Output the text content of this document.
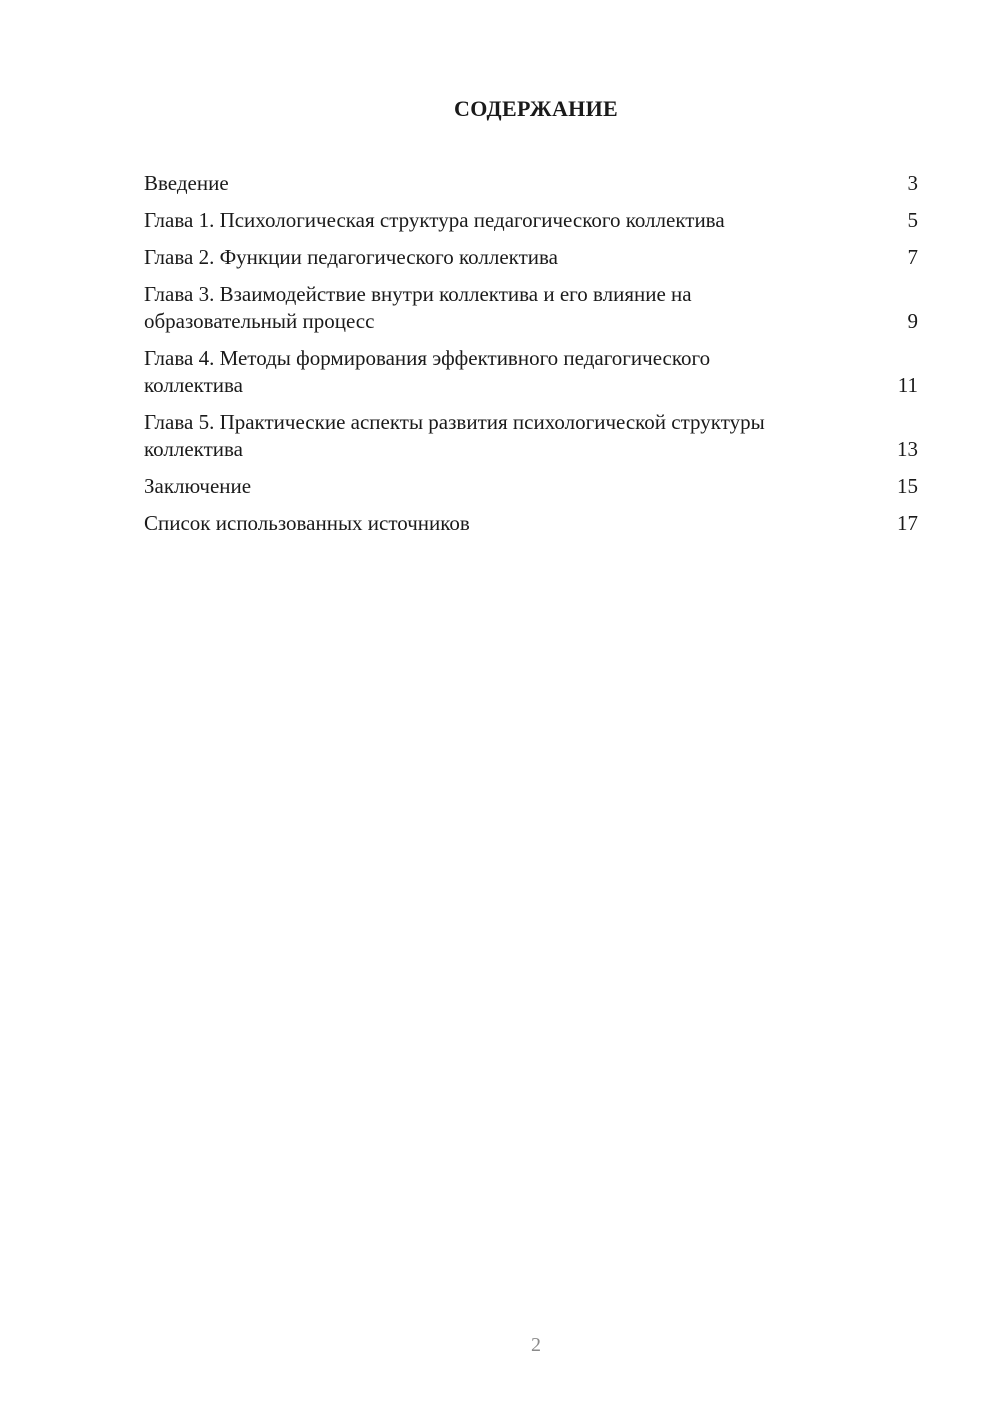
СОДЕРЖАНИЕ
Введение	3
Глава 1. Психологическая структура педагогического коллектива	5
Глава 2. Функции педагогического коллектива	7
Глава 3. Взаимодействие внутри коллектива и его влияние на образовательный процесс	9
Глава 4. Методы формирования эффективного педагогического коллектива	11
Глава 5. Практические аспекты развития психологической структуры коллектива	13
Заключение	15
Список использованных источников	17
2
